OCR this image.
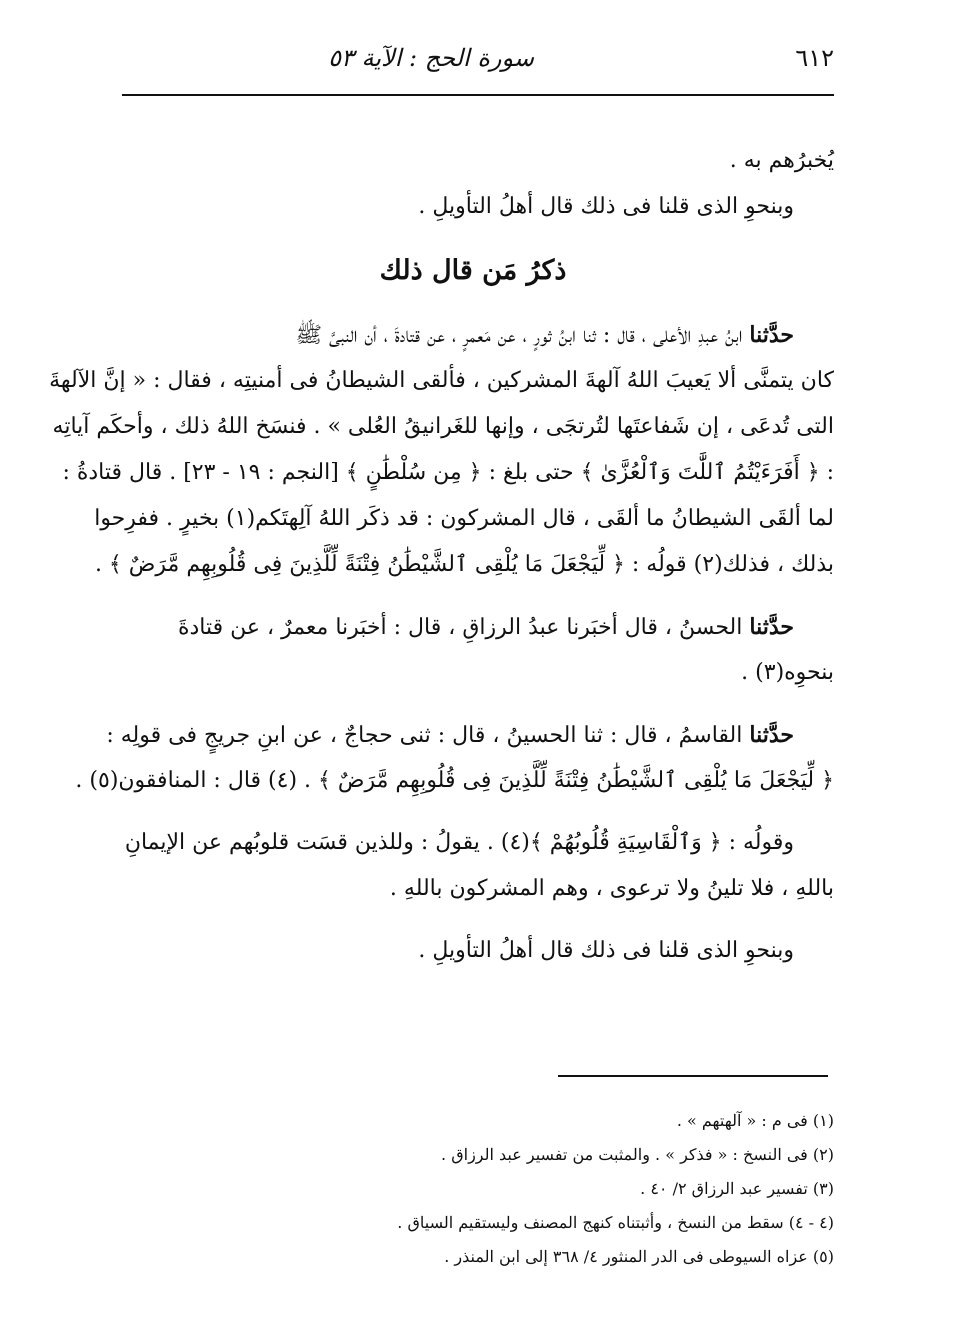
٦١٢
سورة الحج : الآية ٥٣
يُخبرُهم به .
وبنحوِ الذى قلنا فى ذلك قال أهلُ التأويلِ .
ذكرُ مَن قال ذلك
حدَّثنا ابنُ عبدِ الأعلى ، قال : ثنا ابنُ ثورٍ ، عن مَعمرٍ ، عن قتادةَ ، أن النبىَّ ﷺ
كان يتمنَّى ألا يَعيبَ اللهُ آلهةَ المشركين ، فألقى الشيطانُ فى أمنيتِه ، فقال : « إنَّ الآلهةَ
التى تُدعَى ، إن شَفاعتَها لتُرتجَى ، وإنها للغَرانيقُ العُلى » . فنسَخ اللهُ ذلك ، وأحكَم آياتِه
: ﴿ أَفَرَءَيْتُمُ ٱللَّٰتَ وَٱلْعُزَّىٰ ﴾ حتى بلغ : ﴿ مِن سُلْطَٰنٍ ﴾ [النجم : ١٩ - ٢٣] . قال قتادةُ :
لما ألقَى الشيطانُ ما ألقَى ، قال المشركون : قد ذكَر اللهُ آلِهتَكم(١) بخيرٍ . ففرِحوا
بذلك ، فذلك(٢) قولُه : ﴿ لِّيَجْعَلَ مَا يُلْقِى ٱلشَّيْطَٰنُ فِتْنَةً لِّلَّذِينَ فِى قُلُوبِهِم مَّرَضٌ ﴾ .
حدَّثنا الحسنُ ، قال أخبَرنا عبدُ الرزاقِ ، قال : أخبَرنا معمرٌ ، عن قتادةَ
بنحوِه(٣) .
حدَّثنا القاسمُ ، قال : ثنا الحسينُ ، قال : ثنى حجاجٌ ، عن ابنِ جريجٍ فى قولِه :
﴿ لِّيَجْعَلَ مَا يُلْقِى ٱلشَّيْطَٰنُ فِتْنَةً لِّلَّذِينَ فِى قُلُوبِهِم مَّرَضٌ ﴾ . (٤) قال : المنافقون(٥) .
وقولُه : ﴿ وَٱلْقَاسِيَةِ قُلُوبُهُمْ ﴾(٤) . يقولُ : وللذين قسَت قلوبُهم عن الإيمانِ
باللهِ ، فلا تلينُ ولا ترعوى ، وهم المشركون باللهِ .
وبنحوِ الذى قلنا فى ذلك قال أهلُ التأويلِ .
(١) فى م : « آلهتهم » .
(٢) فى النسخ : « فذكر » . والمثبت من تفسير عبد الرزاق .
(٣) تفسير عبد الرزاق ٢/ ٤٠ .
(٤ - ٤) سقط من النسخ ، وأثبتناه كنهج المصنف وليستقيم السياق .
(٥) عزاه السيوطى فى الدر المنثور ٤/ ٣٦٨ إلى ابن المنذر .
